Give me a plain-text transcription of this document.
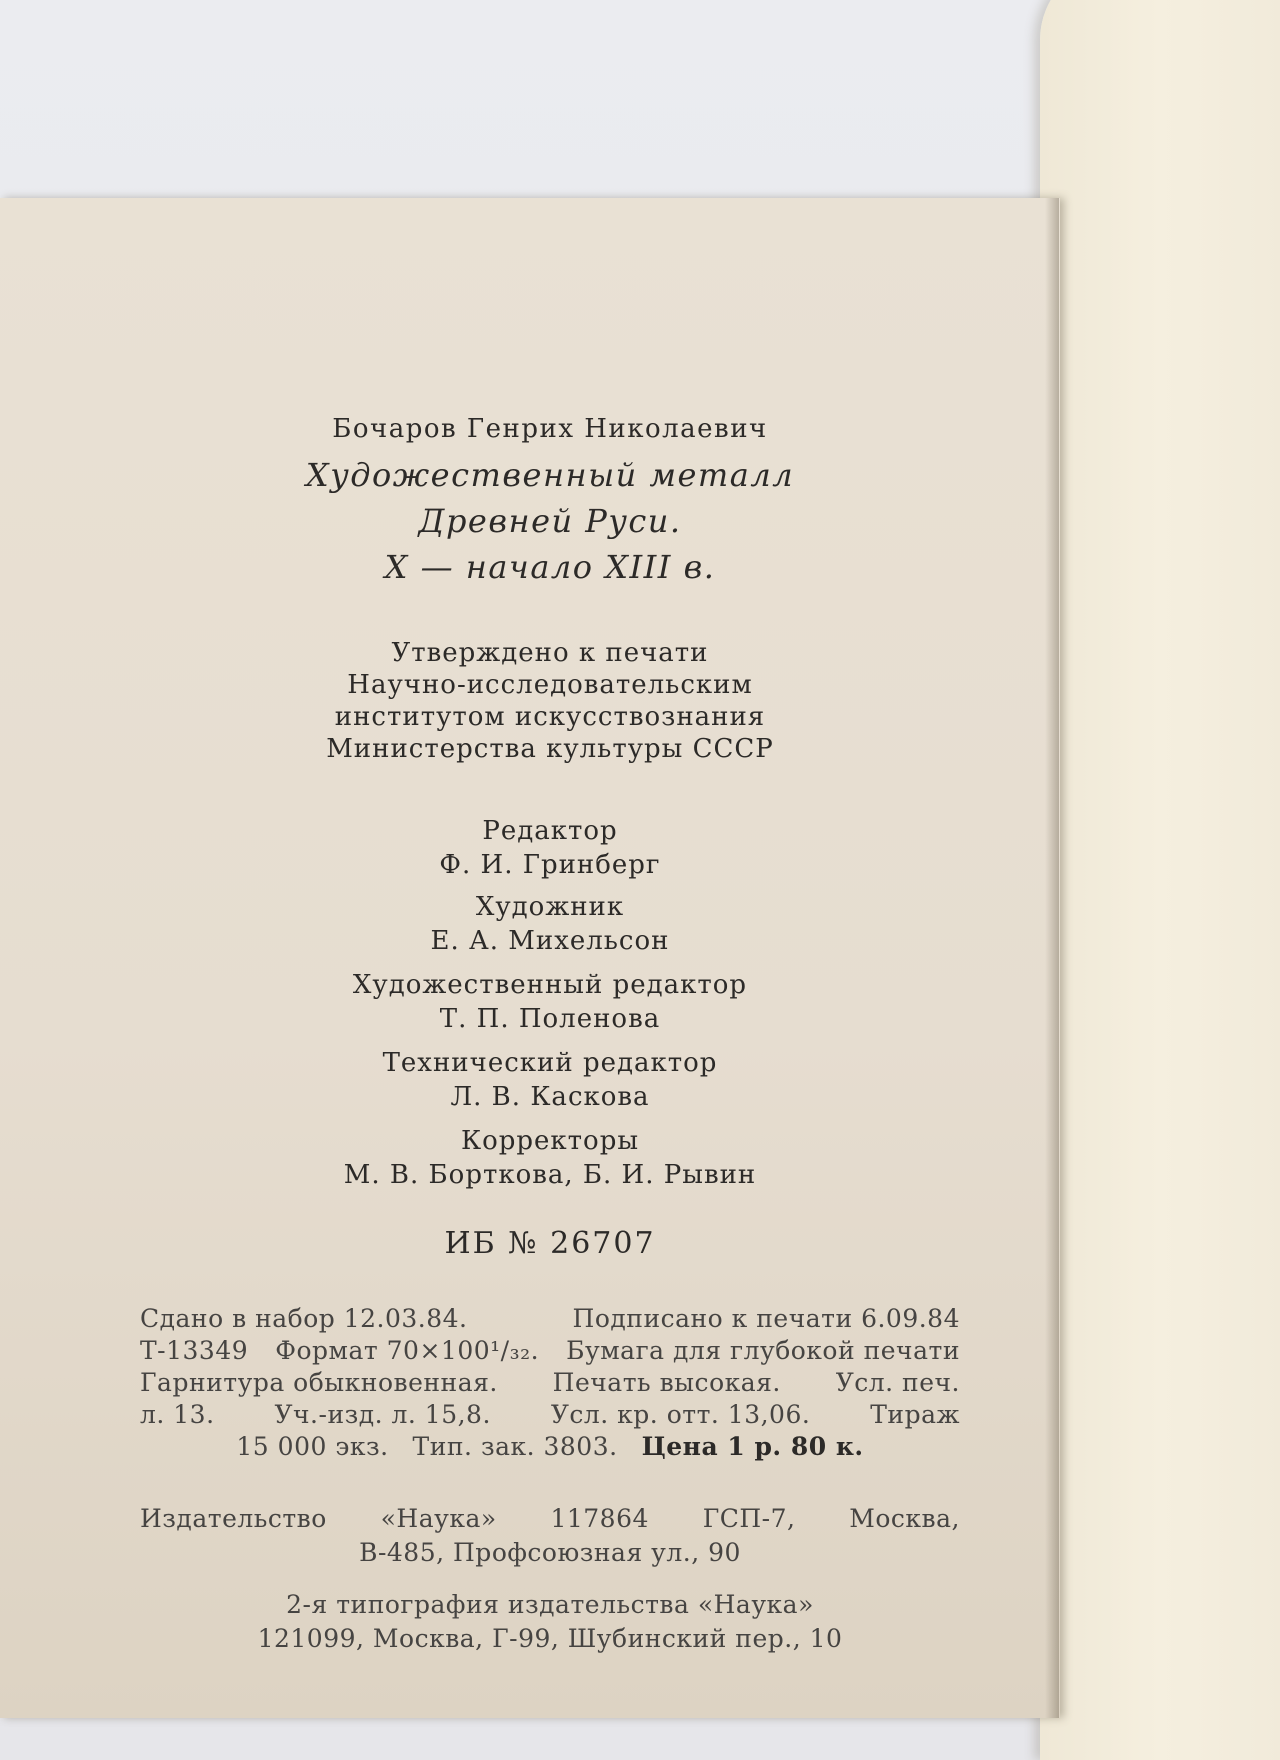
Бочаров Генрих Николаевич
Художественный металл
Древней Руси.
X — начало XIII в.
Утверждено к печати
Научно-исследовательским
институтом искусствознания
Министерства культуры СССР
Редактор
Ф. И. Гринберг
Художник
Е. А. Михельсон
Художественный редактор
Т. П. Поленова
Технический редактор
Л. В. Каскова
Корректоры
М. В. Борткова, Б. И. Рывин
ИБ № 26707
Сдано в набор 12.03.84.	Подписано к печати 6.09.84
Т-13349 Формат 70×100¹/₃₂. Бумага для глубокой печати
Гарнитура обыкновенная. Печать высокая. Усл. печ.
л. 13. Уч.-изд. л. 15,8. Усл. кр. отт. 13,06. Тираж
15 000 экз. Тип. зак. 3803. Цена 1 р. 80 к.
Издательство «Наука» 117864 ГСП-7, Москва,
В-485, Профсоюзная ул., 90
2-я типография издательства «Наука»
121099, Москва, Г-99, Шубинский пер., 10
